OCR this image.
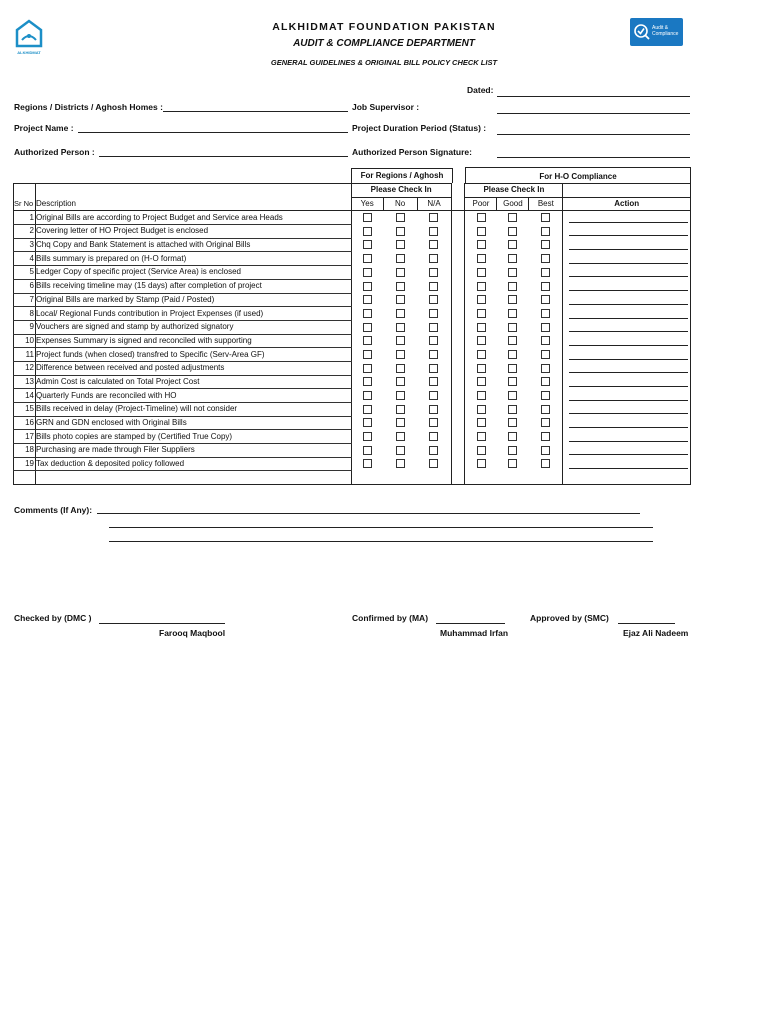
ALKHIDMAT
Audit & Compliance
ALKHIDMAT FOUNDATION PAKISTAN
AUDIT & COMPLIANCE DEPARTMENT
GENERAL GUIDELINES & ORIGINAL BILL POLICY CHECK LIST
Dated:
Regions / Districts / Aghosh Homes :	Job Supervisor :
Project Name :	Project Duration Period (Status) :
Authorized Person :	Authorized Person Signature:
For Regions / Aghosh	For H-O Compliance
		Please Check In				Please Check In			
Sr No	Description	Yes	No	N/A		Poor	Good	Best	Action
1	Original Bills are according to Project Budget and Service area Heads								

2	Covering letter of HO Project Budget is enclosed								

3	Chq Copy and Bank Statement is attached with Original Bills								

4	Bills summary is prepared on (H-O format)								

5	Ledger Copy of specific project (Service Area) is enclosed								

6	Bills receiving timeline may (15 days) after completion of project								

7	Original Bills are marked by Stamp (Paid / Posted)								

8	Local/ Regional Funds contribution in Project Expenses (if used)								

9	Vouchers are signed and stamp by authorized signatory								

10	Expenses Summary is signed and reconciled with supporting								

11	Project funds (when closed) transfred to Specific (Serv-Area GF)								

12	Difference between received and posted adjustments								

13	Admin Cost is calculated on Total Project Cost								

14	Quarterly Funds are reconciled with HO								

15	Bills received in delay (Project-Timeline) will not consider								

16	GRN and GDN enclosed with Original Bills								

17	Bills photo copies are stamped by (Certified True Copy)								

18	Purchasing are made through Filer Suppliers								

19	Tax deduction & deposited policy followed								

Comments (If Any):
Checked by (DMC )
Farooq Maqbool
Confirmed by (MA)
Muhammad Irfan
Approved by (SMC)
Ejaz Ali Nadeem
